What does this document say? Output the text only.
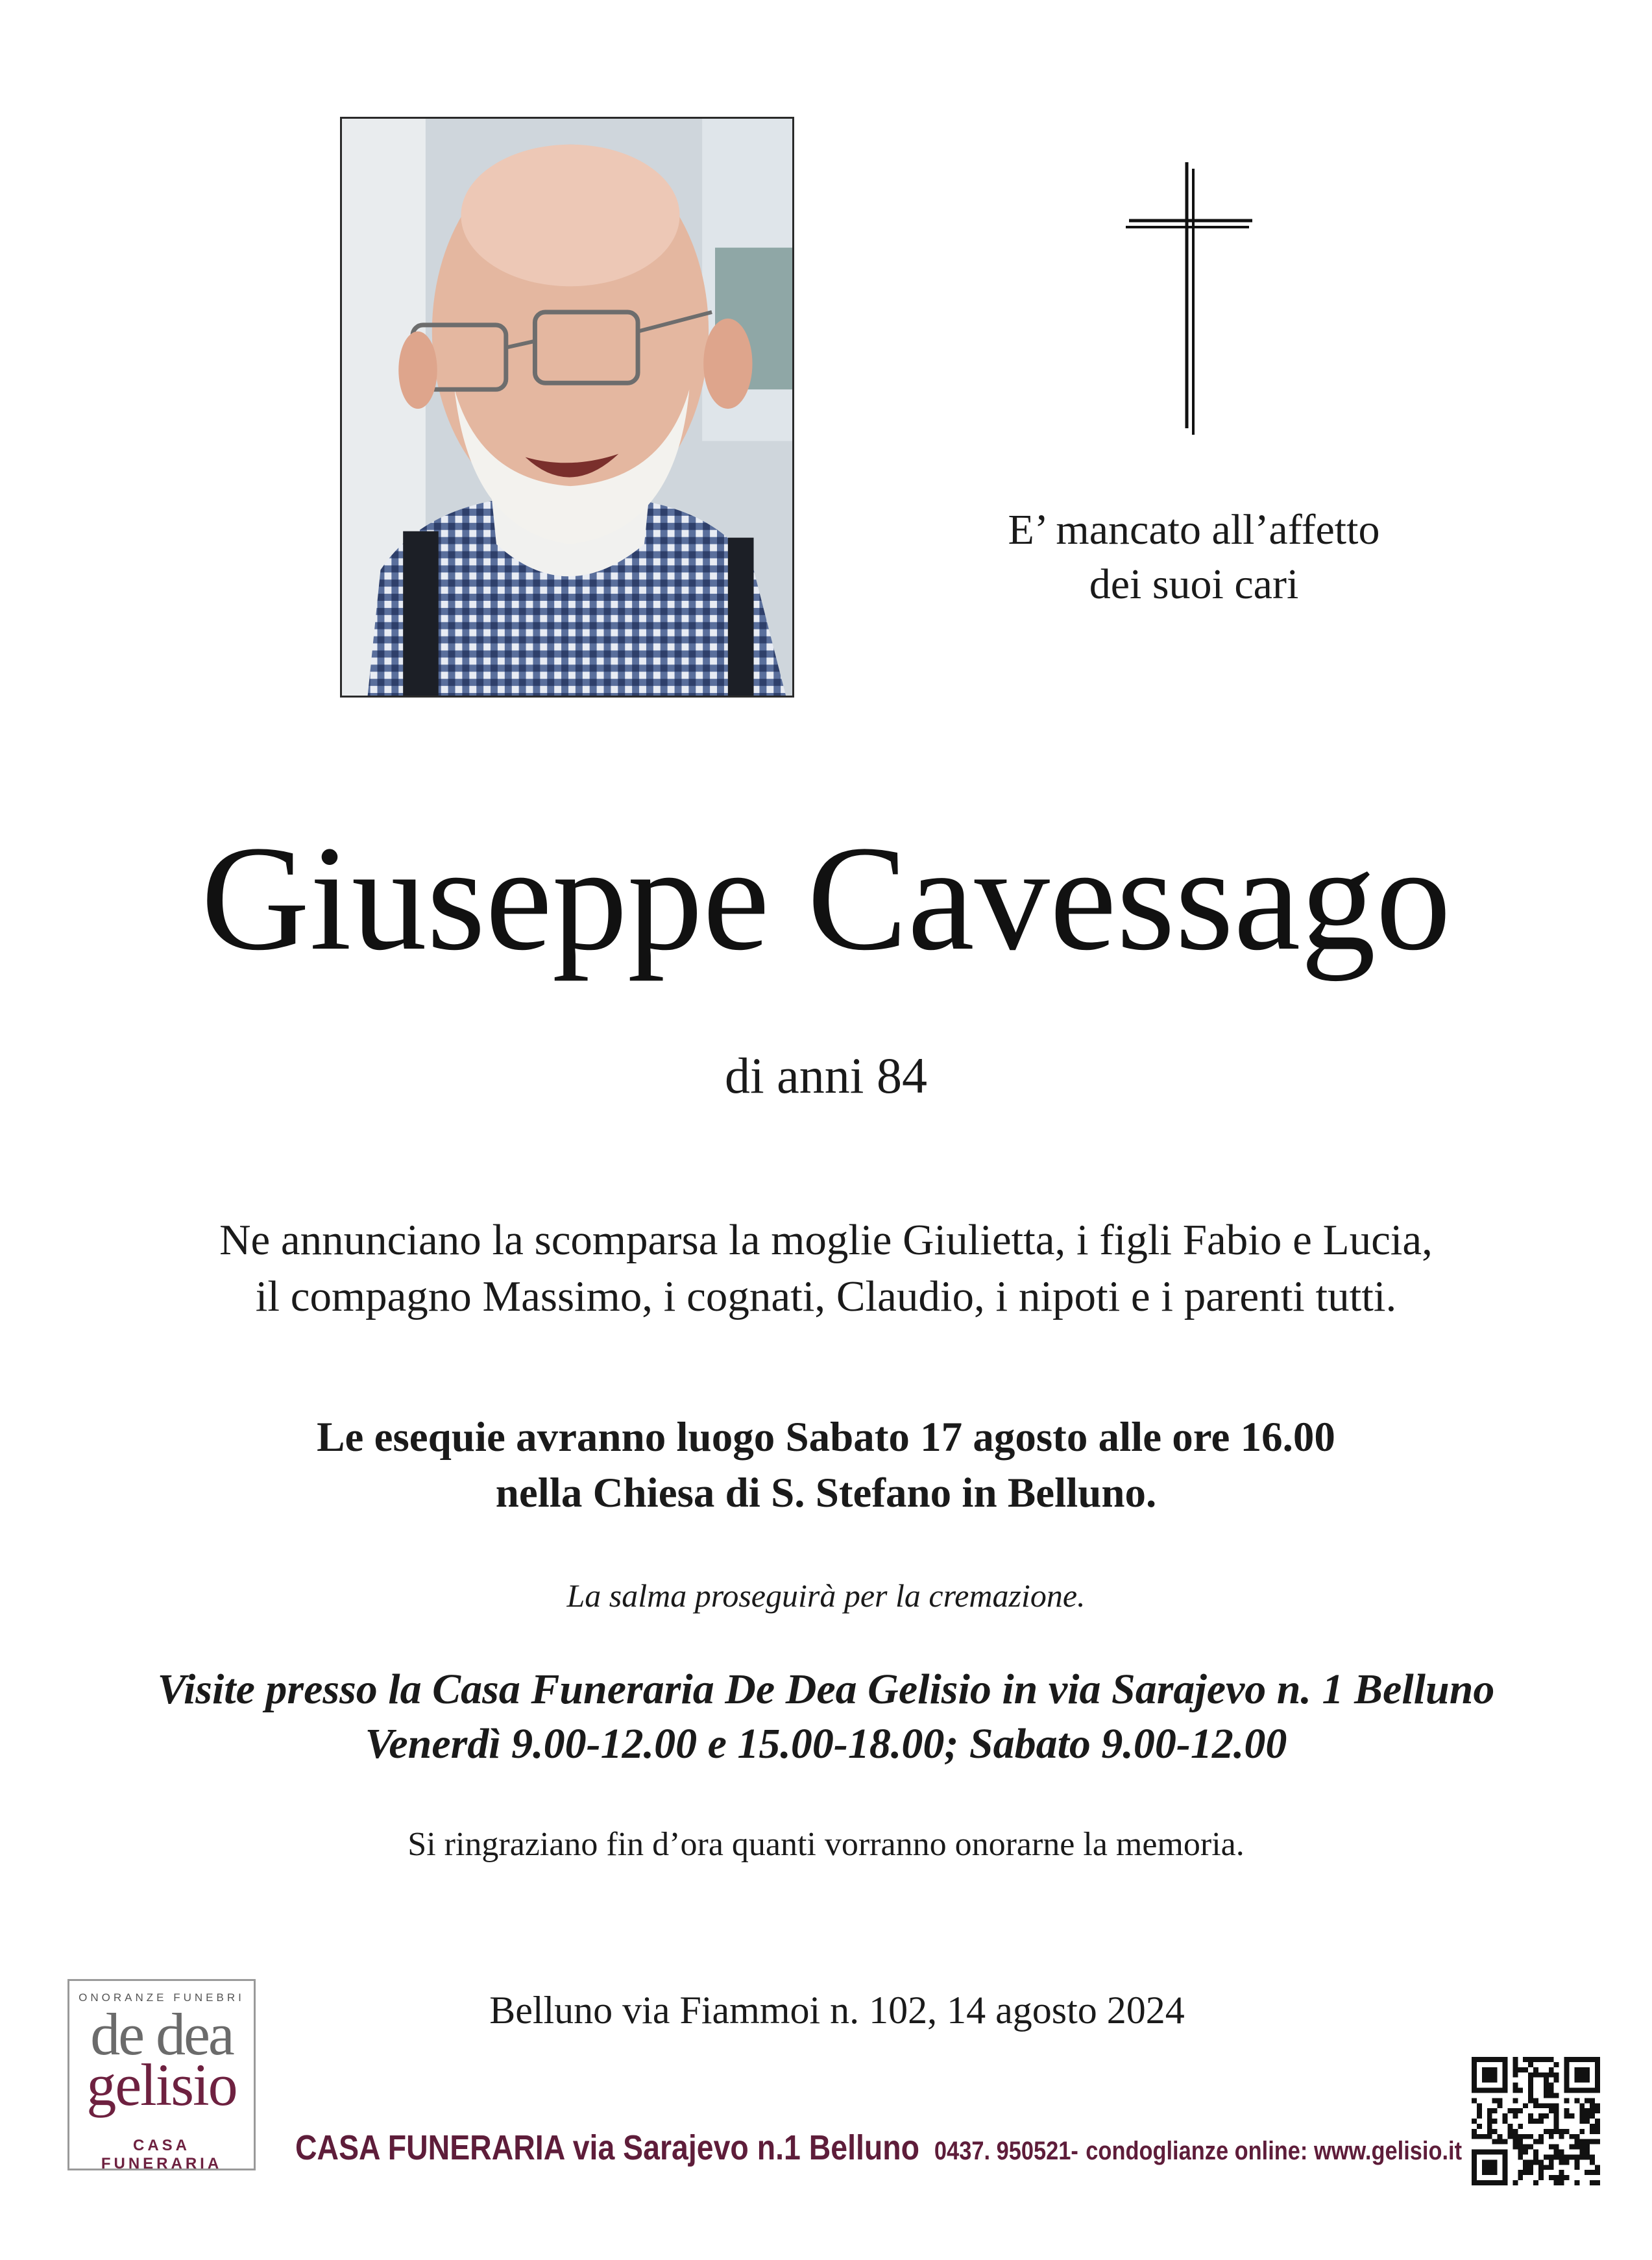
E’ mancato all’affetto
dei suoi cari
Giuseppe Cavessago
di anni 84
Ne annunciano la scomparsa la moglie Giulietta, i figli Fabio e Lucia,
il compagno Massimo, i cognati, Claudio, i nipoti e i parenti tutti.
Le esequie avranno luogo Sabato 17 agosto alle ore 16.00
nella Chiesa di S. Stefano in Belluno.
La salma proseguirà per la cremazione.
Visite presso la Casa Funeraria De Dea Gelisio in via Sarajevo n. 1 Belluno
Venerdì 9.00-12.00 e 15.00-18.00; Sabato 9.00-12.00
Si ringraziano fin d’ora quanti vorranno onorarne la memoria.
Belluno via Fiammoi n. 102, 14 agosto 2024
ONORANZE FUNEBRI
de dea
gelisio
CASA FUNERARIA	CASA FUNERARIA via Sarajevo n.1 Belluno 0437. 950521- condoglianze online: www.gelisio.it
